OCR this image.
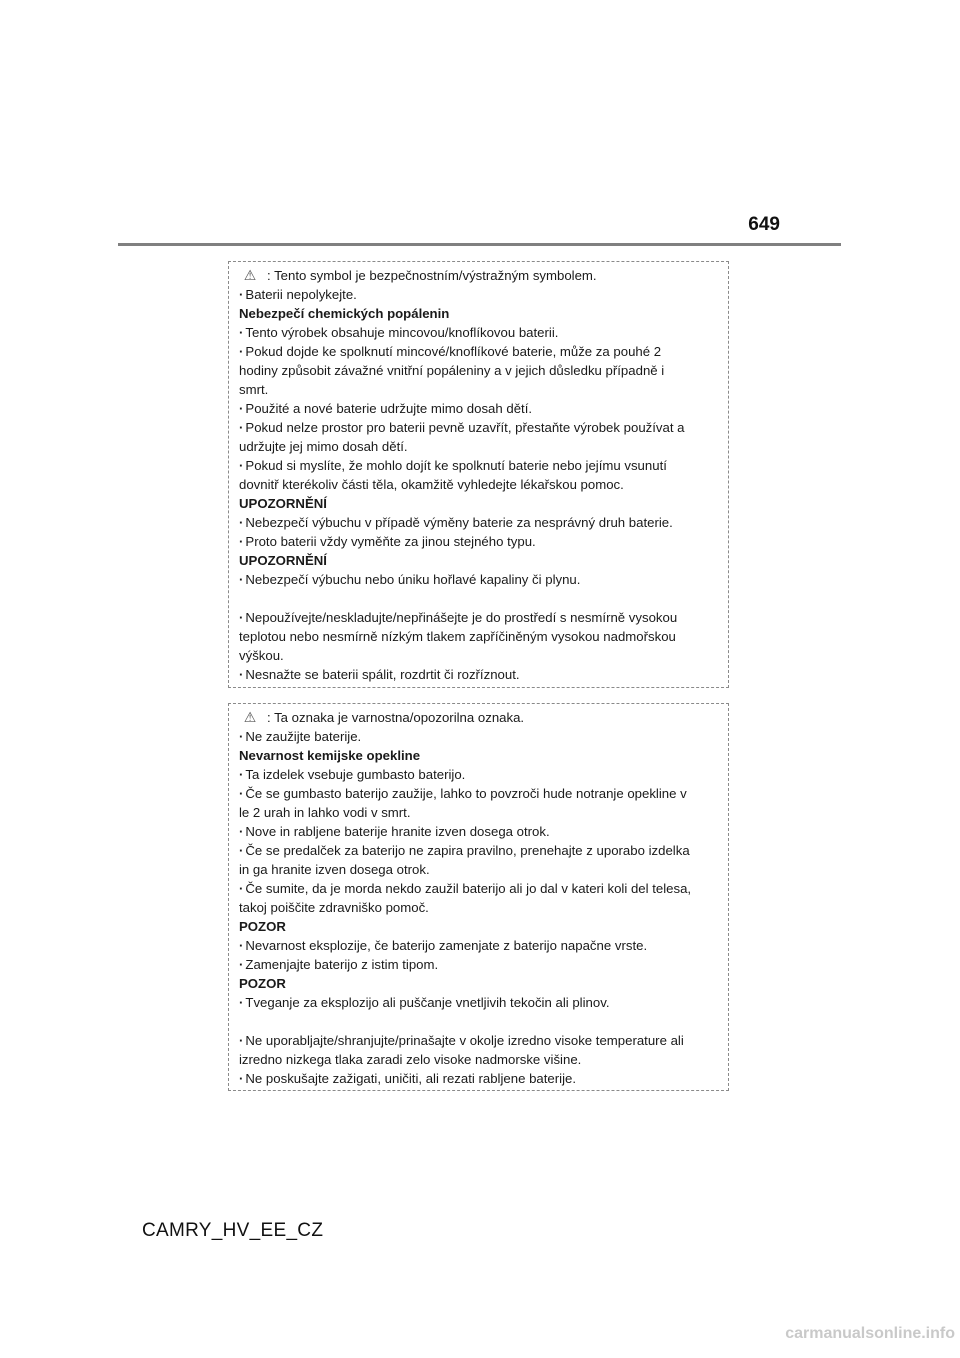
649
⚠ : Tento symbol je bezpečnostním/výstražným symbolem.
· Baterii nepolykejte.
Nebezpečí chemických popálenin
· Tento výrobek obsahuje mincovou/knoflíkovou baterii.
· Pokud dojde ke spolknutí mincové/knoflíkové baterie, může za pouhé 2
hodiny způsobit závažné vnitřní popáleniny a v jejich důsledku případně i
smrt.
· Použité a nové baterie udržujte mimo dosah dětí.
· Pokud nelze prostor pro baterii pevně uzavřít, přestaňte výrobek používat a
udržujte jej mimo dosah dětí.
· Pokud si myslíte, že mohlo dojít ke spolknutí baterie nebo jejímu vsunutí
dovnitř kterékoliv části těla, okamžitě vyhledejte lékařskou pomoc.
UPOZORNĚNÍ
· Nebezpečí výbuchu v případě výměny baterie za nesprávný druh baterie.
· Proto baterii vždy vyměňte za jinou stejného typu.
UPOZORNĚNÍ
· Nebezpečí výbuchu nebo úniku hořlavé kapaliny či plynu.
· Nepoužívejte/neskladujte/nepřinášejte je do prostředí s nesmírně vysokou
teplotou nebo nesmírně nízkým tlakem zapříčiněným vysokou nadmořskou
výškou.
· Nesnažte se baterii spálit, rozdrtit či rozříznout.
⚠ : Ta oznaka je varnostna/opozorilna oznaka.
· Ne zaužijte baterije.
Nevarnost kemijske opekline
· Ta izdelek vsebuje gumbasto baterijo.
· Če se gumbasto baterijo zaužije, lahko to povzroči hude notranje opekline v
le 2 urah in lahko vodi v smrt.
· Nove in rabljene baterije hranite izven dosega otrok.
· Če se predalček za baterijo ne zapira pravilno, prenehajte z uporabo izdelka
in ga hranite izven dosega otrok.
· Če sumite, da je morda nekdo zaužil baterijo ali jo dal v kateri koli del telesa,
takoj poiščite zdravniško pomoč.
POZOR
· Nevarnost eksplozije, če baterijo zamenjate z baterijo napačne vrste.
· Zamenjajte baterijo z istim tipom.
POZOR
· Tveganje za eksplozijo ali puščanje vnetljivih tekočin ali plinov.
· Ne uporabljajte/shranjujte/prinašajte v okolje izredno visoke temperature ali
izredno nizkega tlaka zaradi zelo visoke nadmorske višine.
· Ne poskušajte zažigati, uničiti, ali rezati rabljene baterije.
CAMRY_HV_EE_CZ
carmanualsonline.info
